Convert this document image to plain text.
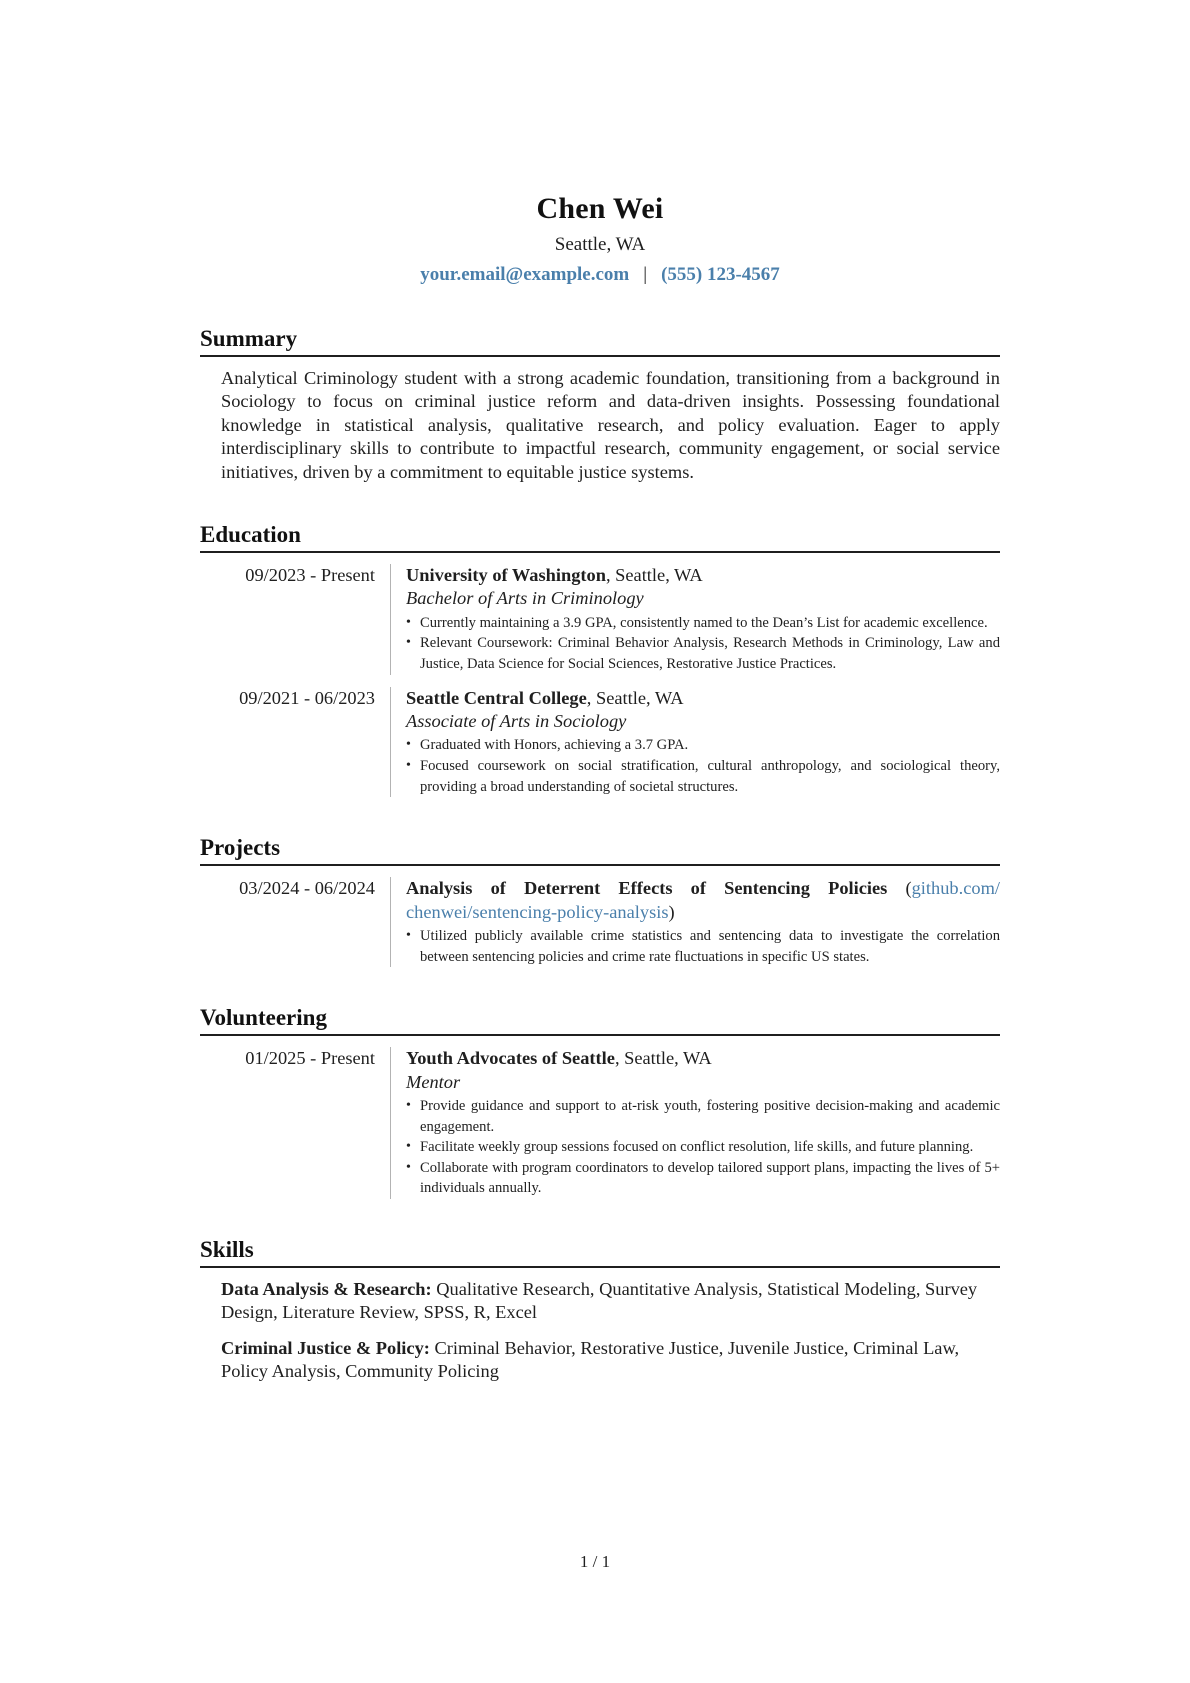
Chen Wei
Seattle, WA
your.email@example.com | (555) 123-4567
Summary

Analytical Criminology student with a strong academic foundation, transitioning from a background in Sociology to focus on criminal justice reform and data-driven insights. Possessing foundational knowledge in statistical analysis, qualitative research, and policy evaluation. Eager to apply interdisciplinary skills to contribute to impactful research, community engagement, or social service initiatives, driven by a commitment to equitable justice systems.

Education
09/2023 - Present	University of Washington, Seattle, WA
Bachelor of Arts in Criminology
• Currently maintaining a 3.9 GPA, consistently named to the Dean’s List for academic excellence.
• Relevant Coursework: Criminal Behavior Analysis, Research Methods in Criminology, Law and Justice, Data Science for Social Sciences, Restorative Justice Practices.
09/2021 - 06/2023	Seattle Central College, Seattle, WA
Associate of Arts in Sociology
• Graduated with Honors, achieving a 3.7 GPA.
• Focused coursework on social stratification, cultural anthropology, and sociological theory, providing a broad understanding of societal structures.
Projects
03/2024 - 06/2024	Analysis of Deterrent Effects of Sentencing Policies (github.com/ chenwei/sentencing-policy-analysis)
• Utilized publicly available crime statistics and sentencing data to investigate the correlation between sentencing policies and crime rate fluctuations in specific US states.
Volunteering
01/2025 - Present	Youth Advocates of Seattle, Seattle, WA
Mentor
• Provide guidance and support to at-risk youth, fostering positive decision-making and academic engagement.
• Facilitate weekly group sessions focused on conflict resolution, life skills, and future planning.
• Collaborate with program coordinators to develop tailored support plans, impacting the lives of 5+ individuals annually.
Skills
Data Analysis & Research: Qualitative Research, Quantitative Analysis, Statistical Modeling, Survey Design, Literature Review, SPSS, R, Excel
Criminal Justice & Policy: Criminal Behavior, Restorative Justice, Juvenile Justice, Criminal Law, Policy Analysis, Community Policing
1 / 1
